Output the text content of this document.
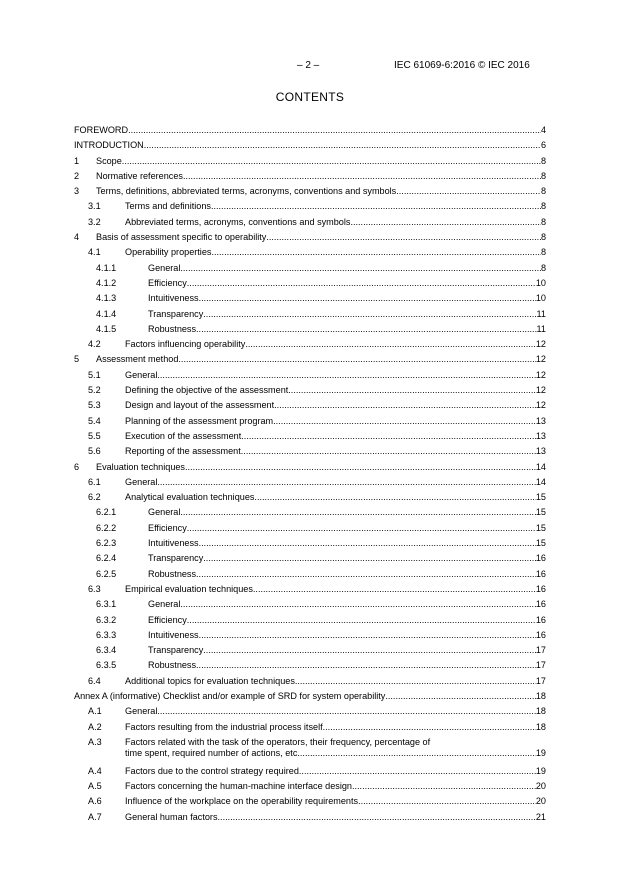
– 2 –	IEC 61069-6:2016 © IEC 2016
CONTENTS
FOREWORD .....	4
INTRODUCTION .....	6
1 Scope .....	8
2 Normative references .....	8
3 Terms, definitions, abbreviated terms, acronyms, conventions and symbols .....	8
3.1	Terms and definitions .....	8
3.2	Abbreviated terms, acronyms, conventions and symbols .....	8
4 Basis of assessment specific to operability .....	8
4.1	Operability properties .....	8
4.1.1	General .....	8
4.1.2	Efficiency .....	10
4.1.3	Intuitiveness .....	10
4.1.4	Transparency .....	11
4.1.5	Robustness .....	11
4.2	Factors influencing operability .....	12
5 Assessment method .....	12
5.1	General .....	12
5.2	Defining the objective of the assessment .....	12
5.3	Design and layout of the assessment .....	12
5.4	Planning of the assessment program .....	13
5.5	Execution of the assessment .....	13
5.6	Reporting of the assessment .....	13
6 Evaluation techniques .....	14
6.1	General .....	14
6.2	Analytical evaluation techniques .....	15
6.2.1	General .....	15
6.2.2	Efficiency .....	15
6.2.3	Intuitiveness .....	15
6.2.4	Transparency .....	16
6.2.5	Robustness .....	16
6.3	Empirical evaluation techniques .....	16
6.3.1	General .....	16
6.3.2	Efficiency .....	16
6.3.3	Intuitiveness .....	16
6.3.4	Transparency .....	17
6.3.5	Robustness .....	17
6.4	Additional topics for evaluation techniques .....	17
Annex A (informative) Checklist and/or example of SRD for system operability .....	18
A.1	General .....	18
A.2	Factors resulting from the industrial process itself .....	18
A.3	Factors related with the task of the operators, their frequency, percentage of
time spent, required number of actions, etc. .....	19
A.4	Factors due to the control strategy required .....	19
A.5	Factors concerning the human-machine interface design .....	20
A.6	Influence of the workplace on the operability requirements .....	20
A.7	General human factors .....	21
